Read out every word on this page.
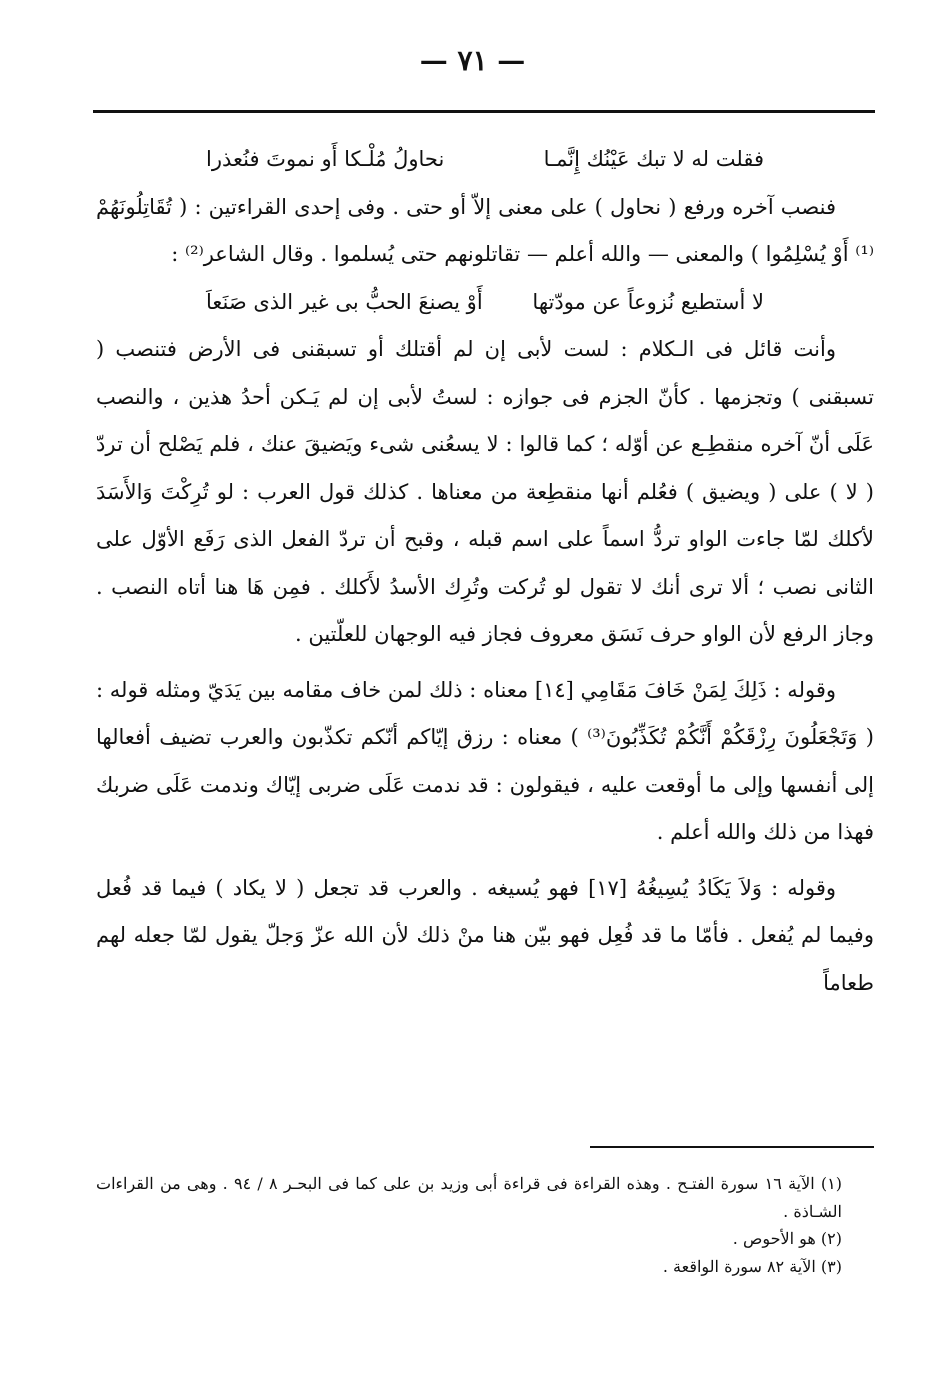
— ٧١ —
فقلت له لا تبك عَيْنُك إِنَّمـا
نحاولُ مُلْـكا أَو نموتَ فنُعذرا

فنصب آخره ورفع ( نحاول ) على معنى إلاّ أو حتى . وفى إحدى القراءتين : ( تُقَاتِلُونَهُمْ ⁽¹⁾ أَوْ يُسْلِمُوا ) والمعنى — والله أعلم — تقاتلونهم حتى يُسلموا . وقال الشاعر⁽²⁾ :

لا أستطيع نُزوعاً عن مودّتها
أَوْ يصنعَ الحبُّ بى غير الذى صَنَعاَ

وأنت قائل فى الـكلام : لست لأبى إن لم أقتلك أو تسبقنى فى الأرض فتنصب ( تسبقنى ) وتجزمها . كأنّ الجزم فى جوازه : لستُ لأبى إن لم يَـكن أحدُ هذين ، والنصب عَلَى أنّ آخره منقطِـع عن أوّله ؛ كما قالوا : لا يسعُنى شىء ويَضيقَ عنك ، فلم يَصْلح أن تردّ ( لا ) على ( ويضيق ) فعُلم أنها منقطِعة من معناها . كذلك قول العرب : لو تُرِكْتَ وَالأَسَدَ لأكلك لمّا جاءت الواو تردُّ اسماً على اسم قبله ، وقبح أن تردّ الفعل الذى رَفَع الأوّل على الثانى نصب ؛ ألا ترى أنك لا تقول لو تُركت وتُرِك الأسدُ لأَكلك . فمِن هَا هنا أتاه النصب . وجاز الرفع لأن الواو حرف نَسَق معروف فجاز فيه الوجهان للعلّتين .

وقوله : ذَلِكَ لِمَنْ خَافَ مَقَامِي [١٤] معناه : ذلك لمن خاف مقامه بين يَدَيّ ومثله قوله : ( وَتَجْعَلُونَ رِزْقَكُمْ أَنَّكُمْ تُكَذِّبُونَ⁽³⁾ ) معناه : رزق إيّاكم أنّكم تكذّبون والعرب تضيف أفعالها إلى أنفسها وإلى ما أوقعت عليه ، فيقولون : قد ندمت عَلَى ضربى إيّاك وندمت عَلَى ضربك فهذا من ذلك والله أعلم .

وقوله : وَلاَ يَكَادُ يُسِيغُهُ [١٧] فهو يُسيغه . والعرب قد تجعل ( لا يكاد ) فيما قد فُعل وفيما لم يُفعل . فأمّا ما قد فُعِل فهو بيّن هنا منْ ذلك لأن الله عزّ وَجلّ يقول لمّا جعله لهم طعاماً

(١) الآية ١٦ سورة الفتـح . وهذه القراءة فى قراءة أبى وزيد بن على كما فى البحـر ٨ / ٩٤ . وهى من القراءات الشـاذة .

(٢) هو الأحوص .

(٣) الآية ٨٢ سورة الواقعة .
